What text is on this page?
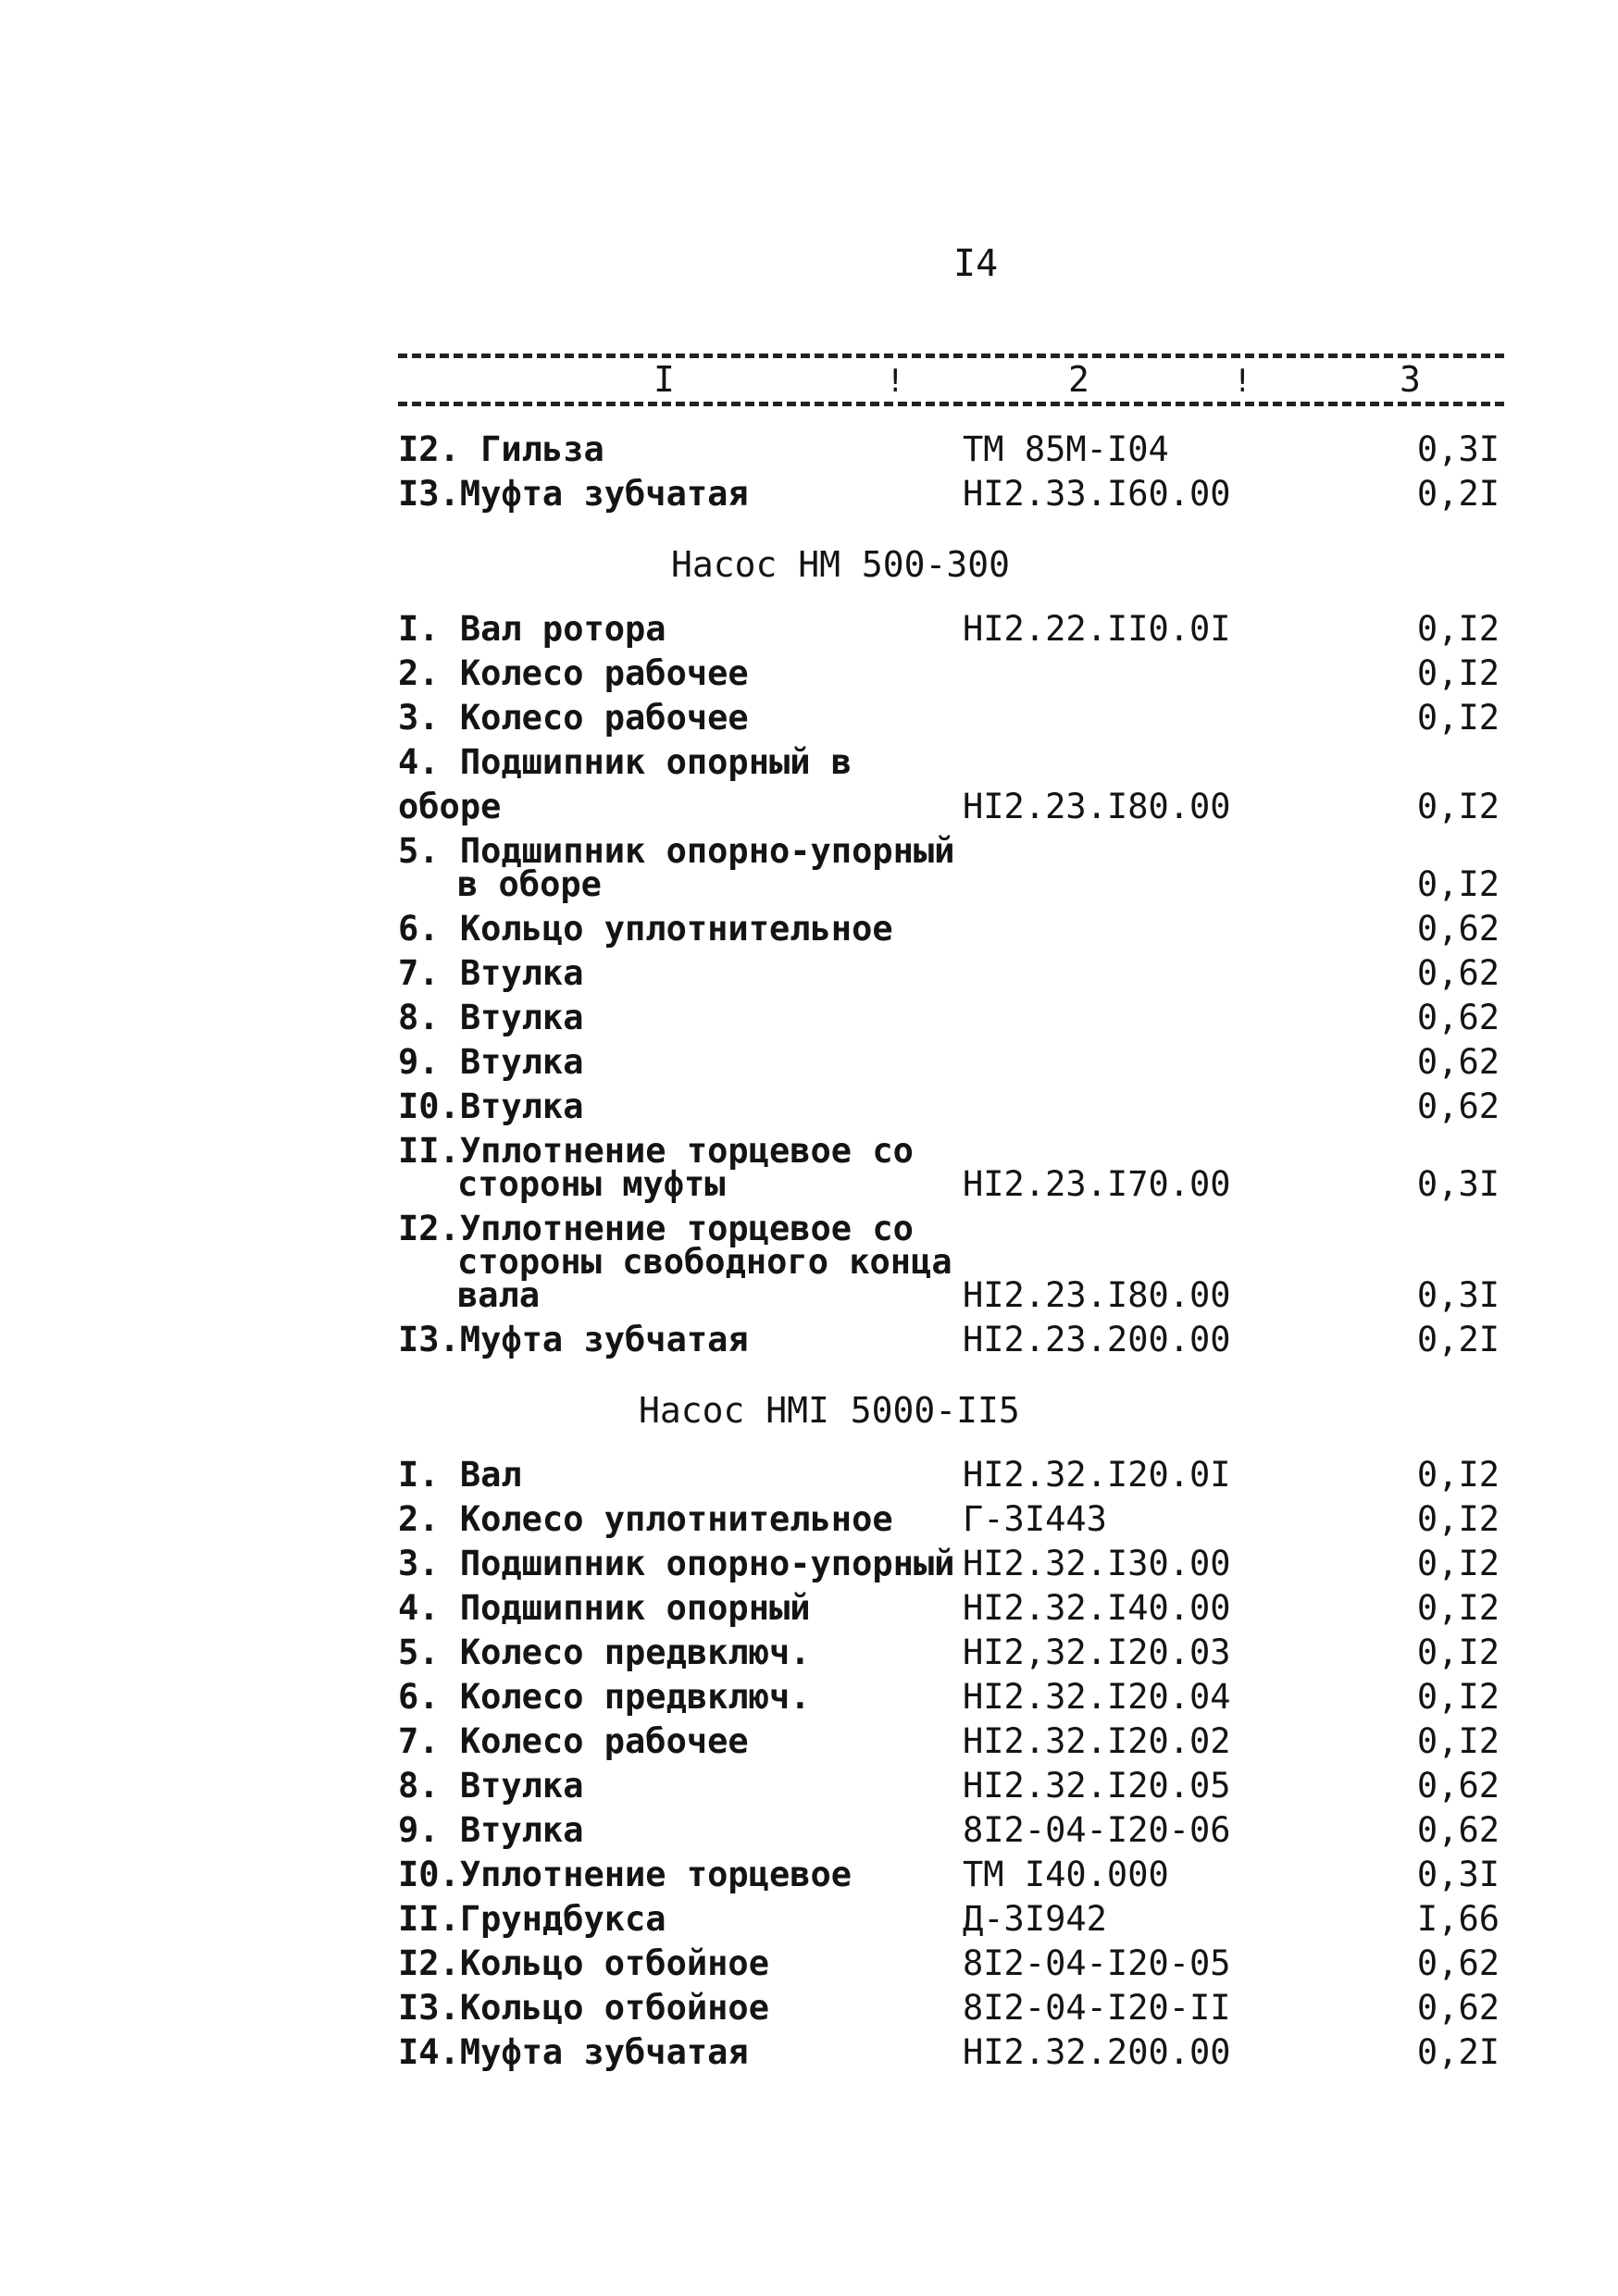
I4
I	!	2	!	3
I2. Гильза	ТМ 85М-I04	0,3I
I3.Муфта зубчатая	НI2.33.I60.00	0,2I
Насос НМ 500-300
I. Вал ротора	НI2.22.II0.0I	0,I2
2. Колесо рабочее	0,I2
3. Колесо рабочее	0,I2
4. Подшипник опорный в оборе	НI2.23.I80.00	0,I2
5. Подшипник опорно-упорный
в оборе	0,I2
6. Кольцо уплотнительное	0,62
7. Втулка	0,62
8. Втулка	0,62
9. Втулка	0,62
I0.Втулка	0,62
II.Уплотнение торцевое со
стороны муфты	НI2.23.I70.00	0,3I
I2.Уплотнение торцевое со
стороны свободного конца
вала	НI2.23.I80.00	0,3I
I3.Муфта зубчатая	НI2.23.200.00	0,2I
Насос НМI 5000-II5
I. Вал	НI2.32.I20.0I	0,I2
2. Колесо уплотнительное	Г-3I443	0,I2
3. Подшипник опорно-упорный НI2.32.I30.00	0,I2
4. Подшипник опорный	НI2.32.I40.00	0,I2
5. Колесо предвключ.	НI2,32.I20.03	0,I2
6. Колесо предвключ.	НI2.32.I20.04	0,I2
7. Колесо рабочее	НI2.32.I20.02	0,I2
8. Втулка	НI2.32.I20.05	0,62
9. Втулка	8I2-04-I20-06	0,62
I0.Уплотнение торцевое	ТМ I40.000	0,3I
II.Грундбукса	Д-3I942	I,66
I2.Кольцо отбойное	8I2-04-I20-05	0,62
I3.Кольцо отбойное	8I2-04-I20-II	0,62
I4.Муфта зубчатая	НI2.32.200.00	0,2I
